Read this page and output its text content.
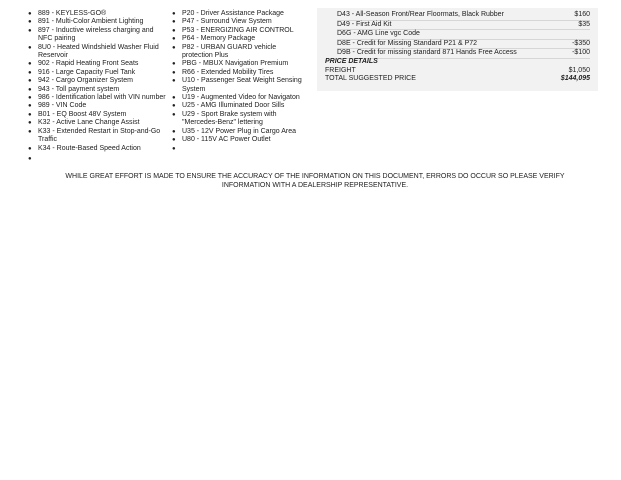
● 889 - KEYLESS-GO®
● 891 - Multi-Color Ambient Lighting
● 897 - Inductive wireless charging and NFC pairing
● 8U0 - Heated Windshield Washer Fluid Reservoir
● 902 - Rapid Heating Front Seats
● 916 - Large Capacity Fuel Tank
● 942 - Cargo Organizer System
● 943 - Toll payment system
● 986 - Identification label with VIN number
● 989 - VIN Code
● B01 - EQ Boost 48V System
● K32 - Active Lane Change Assist
● K33 - Extended Restart in Stop-and-Go Traffic
● K34 - Route-Based Speed Action
●
● P20 - Driver Assistance Package
● P47 - Surround View System
● P53 - ENERGIZING AIR CONTROL
● P64 - Memory Package
● P82 - URBAN GUARD vehicle protection Plus
● PBG - MBUX Navigation Premium
● R66 - Extended Mobility Tires
● U10 - Passenger Seat Weight Sensing System
● U19 - Augmented Video for Navigaton
● U25 - AMG Illuminated Door Sills
● U29 - Sport Brake system with "Mercedes-Benz" lettering
● U35 - 12V Power Plug in Cargo Area
● U80 - 115V AC Power Outlet
●
D43 - All-Season Front/Rear Floormats, Black Rubber	$160
D49 - First Aid Kit	$35
D6G - AMG Line vgc Code
D8E - Credit for Missing Standard P21 & P72	-$350
D9B - Credit for missing standard 871 Hands Free Access	-$100
PRICE DETAILS
FREIGHT	$1,050
TOTAL SUGGESTED PRICE	$144,095
WHILE GREAT EFFORT IS MADE TO ENSURE THE ACCURACY OF THE INFORMATION ON THIS DOCUMENT, ERRORS DO OCCUR SO PLEASE VERIFY INFORMATION WITH A DEALERSHIP REPRESENTATIVE.
